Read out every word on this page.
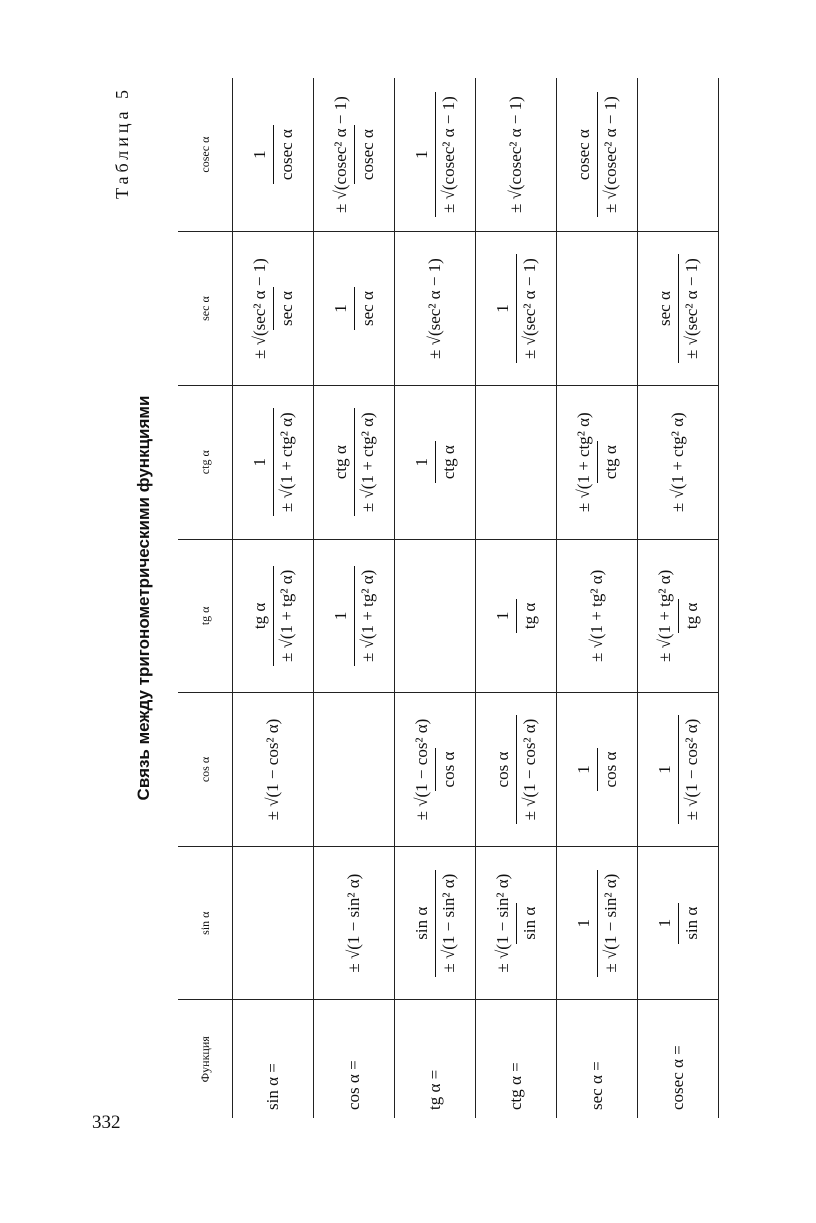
332
Таблица 5
Связь между тригонометрическими функциями
Функция	sin α	cos α	tg α	ctg α	sec α	cosec α
sin α =		± √(1 − cos² α)	tg α ± √(1 + tg² α)	1 ± √(1 + ctg² α)	± √(sec² α − 1) sec α	1 cosec α

cos α =	± √(1 − sin² α)		1 ± √(1 + tg² α)	ctg α ± √(1 + ctg² α)	1 sec α	± √(cosec² α − 1) cosec α

tg α =	sin α ± √(1 − sin² α)	± √(1 − cos² α) cos α		1 ctg α	± √(sec² α − 1)	1 ± √(cosec² α − 1)

ctg α =	± √(1 − sin² α) sin α	cos α ± √(1 − cos² α)	1 tg α		1 ± √(sec² α − 1)	± √(cosec² α − 1)
sec α =	1 ± √(1 − sin² α)	1 cos α	± √(1 + tg² α)	± √(1 + ctg² α) ctg α		cosec α ± √(cosec² α − 1)

cosec α =	1 sin α	1 ± √(1 − cos² α)	± √(1 + tg² α) tg α	± √(1 + ctg² α)	sec α ± √(sec² α − 1)	
